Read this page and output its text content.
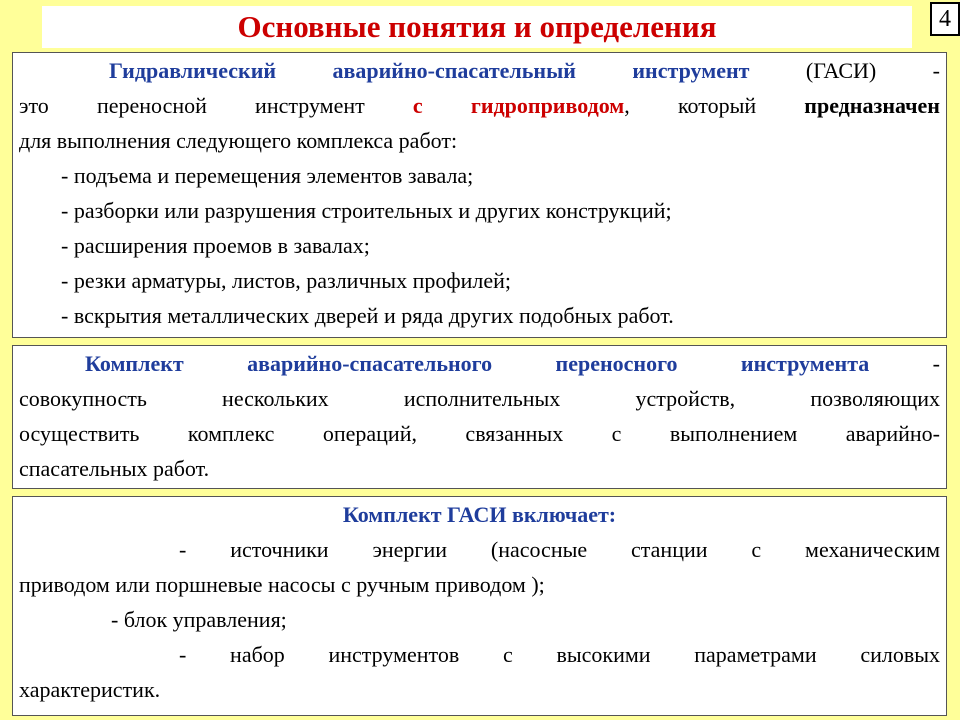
Основные понятия и определения	4
Гидравлический аварийно-спасательный инструмент (ГАСИ) -
это переносной инструмент с гидроприводом, который предназначен
для выполнения следующего комплекса работ:
- подъема и перемещения элементов завала;
- разборки или разрушения строительных и других конструкций;
- расширения проемов в завалах;
- резки арматуры, листов, различных профилей;
- вскрытия металлических дверей и ряда других подобных работ.
Комплект аварийно-спасательного переносного инструмента -
совокупность нескольких исполнительных устройств, позволяющих
осуществить комплекс операций, связанных с выполнением аварийно-
спасательных работ.
Комплект ГАСИ включает:
- источники энергии (насосные станции с механическим
приводом или поршневые насосы с ручным приводом );
- блок управления;
- набор инструментов с высокими параметрами силовых
характеристик.
